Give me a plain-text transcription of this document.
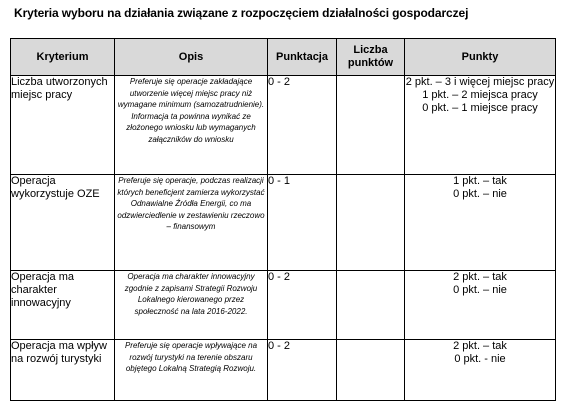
Kryteria wyboru na działania związane z rozpoczęciem działalności gospodarczej
Kryterium	Opis	Punktacja	Liczba punktów	Punkty
Liczba utworzonych miejsc pracy	Preferuje się operacje zakładające utworzenie więcej miejsc pracy niż wymagane minimum (samozatrudnienie). Informacja ta powinna wynikać ze złożonego wniosku lub wymaganych załączników do wniosku	0 - 2		2 pkt. – 3 i więcej miejsc pracy
1 pkt. – 2 miejsca pracy
0 pkt. – 1 miejsce pracy

Operacja wykorzystuje OZE	Preferuje się operacje, podczas realizacji których beneficjent zamierza wykorzystać Odnawialne Źródła Energii, co ma odzwierciedlenie w zestawieniu rzeczowo – finansowym	0 - 1		1 pkt. – tak
0 pkt. – nie

Operacja ma charakter innowacyjny	Operacja ma charakter innowacyjny zgodnie z zapisami Strategii Rozwoju Lokalnego kierowanego przez społeczność na lata 2016-2022.	0 - 2		2 pkt. – tak
0 pkt. – nie

Operacja ma wpływ na rozwój turystyki	Preferuje się operacje wpływające na rozwój turystyki na terenie obszaru objętego Lokalną Strategią Rozwoju.	0 - 2		2 pkt. – tak
0 pkt. - nie
